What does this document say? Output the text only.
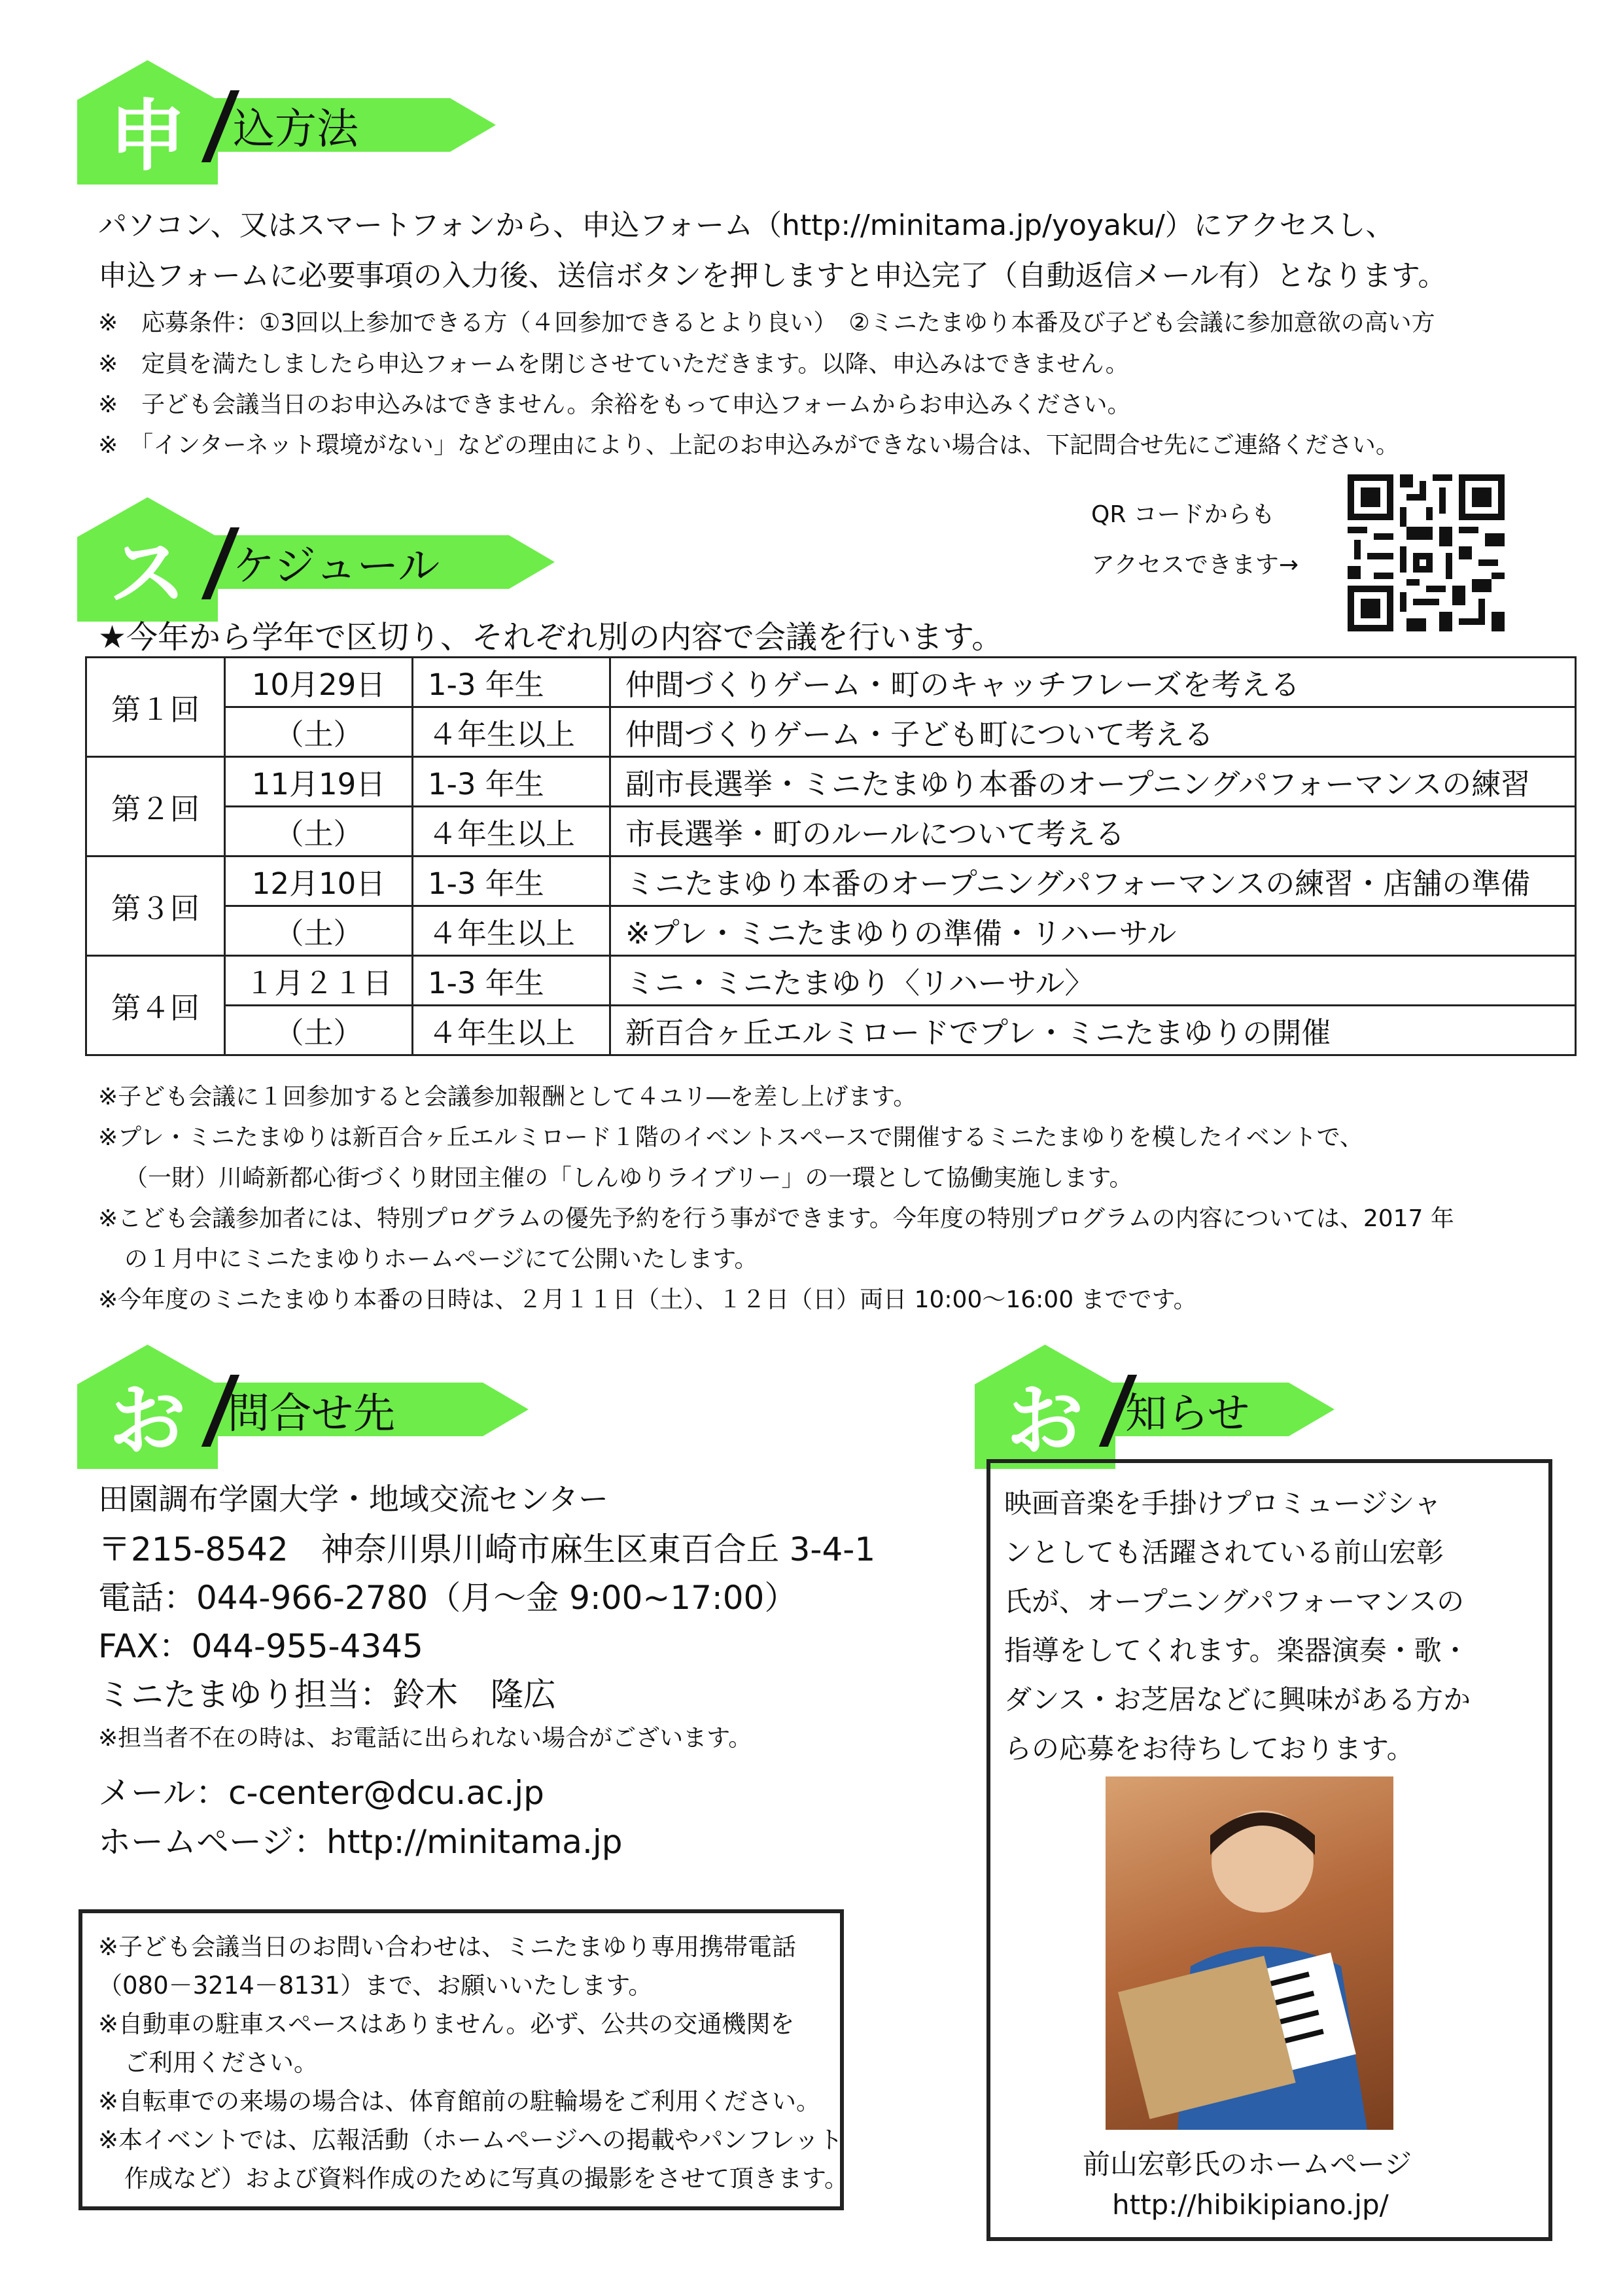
申	込方法
パソコン、又はスマートフォンから、申込フォーム（http://minitama.jp/yoyaku/）にアクセスし、
申込フォームに必要事項の入力後、送信ボタンを押しますと申込完了（自動返信メール有）となります。
※　応募条件：①3回以上参加できる方（４回参加できるとより良い）　②ミニたまゆり本番及び子ども会議に参加意欲の高い方
※　定員を満たしましたら申込フォームを閉じさせていただきます。以降、申込みはできません。
※　子ども会議当日のお申込みはできません。余裕をもって申込フォームからお申込みください。
※　「インターネット環境がない」などの理由により、上記のお申込みができない場合は、下記問合せ先にご連絡ください。
QR コードからも
アクセスできます→
ス	ケジュール
★今年から学年で区切り、それぞれ別の内容で会議を行います。
第１回	10月29日	1-3 年生	仲間づくりゲーム・町のキャッチフレーズを考える
	（土）	４年生以上	仲間づくりゲーム・子ども町について考える
第２回	11月19日	1-3 年生	副市長選挙・ミニたまゆり本番のオープニングパフォーマンスの練習
	（土）	４年生以上	市長選挙・町のルールについて考える
第３回	12月10日	1-3 年生	ミニたまゆり本番のオープニングパフォーマンスの練習・店舗の準備
	（土）	４年生以上	※プレ・ミニたまゆりの準備・リハーサル
第４回	１月２１日	1-3 年生	ミニ・ミニたまゆり〈リハーサル〉
	（土）	４年生以上	新百合ヶ丘エルミロードでプレ・ミニたまゆりの開催
※子ども会議に１回参加すると会議参加報酬として４ユリ―を差し上げます。
※プレ・ミニたまゆりは新百合ヶ丘エルミロード１階のイベントスペースで開催するミニたまゆりを模したイベントで、
（一財）川崎新都心街づくり財団主催の「しんゆりライブリー」の一環として協働実施します。
※こども会議参加者には、特別プログラムの優先予約を行う事ができます。今年度の特別プログラムの内容については、2017 年
の１月中にミニたまゆりホームページにて公開いたします。
※今年度のミニたまゆり本番の日時は、２月１１日（土）、１２日（日）両日 10:00～16:00 までです。
お 問合せ先
田園調布学園大学・地域交流センター
〒215-8542　神奈川県川崎市麻生区東百合丘 3-4-1
電話：044-966-2780（月～金 9:00~17:00）
FAX：044-955-4345
ミニたまゆり担当：鈴木　隆広
※担当者不在の時は、お電話に出られない場合がございます。
メール：c-center@dcu.ac.jp
ホームページ：http://minitama.jp
※子ども会議当日のお問い合わせは、ミニたまゆり専用携帯電話
（080－3214－8131）まで、お願いいたします。
※自動車の駐車スペースはありません。必ず、公共の交通機関を
ご利用ください。
※自転車での来場の場合は、体育館前の駐輪場をご利用ください。
※本イベントでは、広報活動（ホームページへの掲載やパンフレット
作成など）および資料作成のために写真の撮影をさせて頂きます。
お 知らせ
映画音楽を手掛けプロミュージシャ
ンとしても活躍されている前山宏彰
氏が、オープニングパフォーマンスの
指導をしてくれます。楽器演奏・歌・
ダンス・お芝居などに興味がある方か
らの応募をお待ちしております。
前山宏彰氏のホームページ
http://hibikipiano.jp/
